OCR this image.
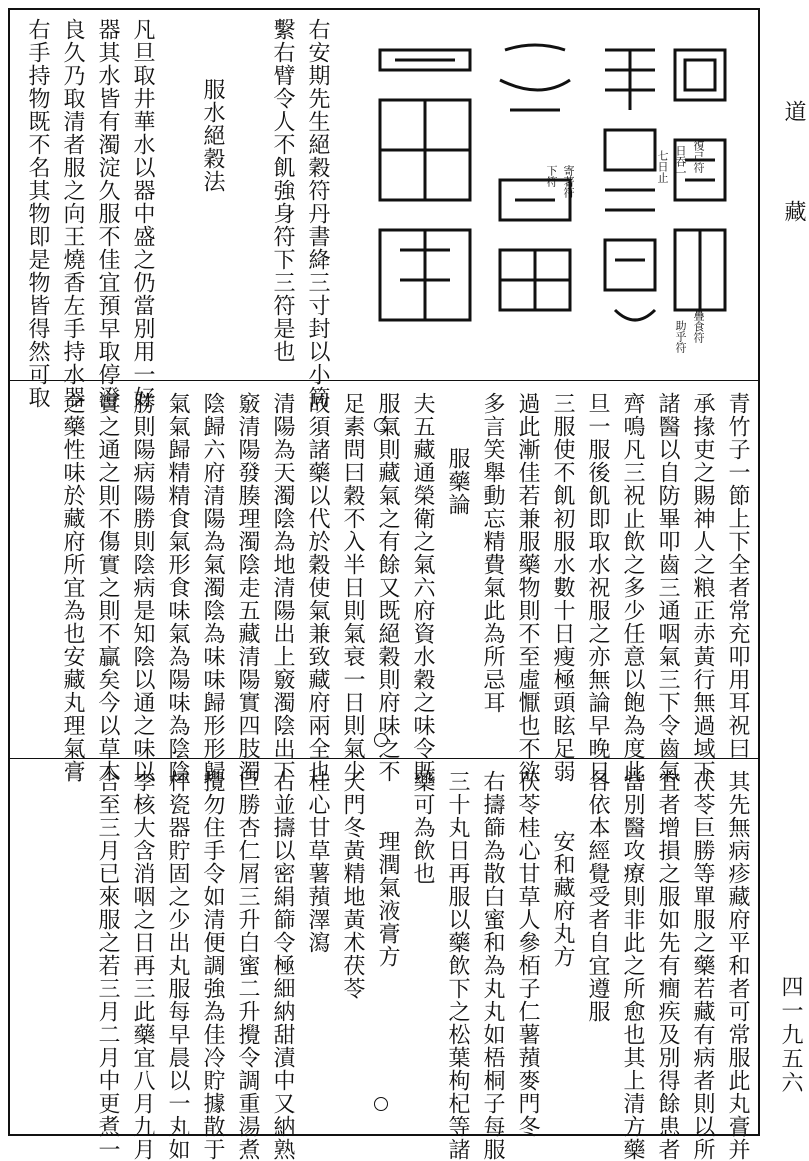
道
藏
四一九五六
復己符
日吞一
七日止
疊食符
助乎符
寄著符
下符
右安期先生絕穀符丹書絳三寸封以小筒
繫右臂令人不飢強身符下三符是也

服水絕穀法

凡旦取井華水以器中盛之仍當別用一好
器其水皆有濁淀久服不佳宜預早取停澄
良久乃取清者服之向王燒香左手持水器
右手持物既不名其物即是物皆得然可取
青竹子一節上下全者常充叩用耳祝曰
承掾吏之賜神人之粮正赤黃行無過域下
諸醫以自防畢叩齒三通咽氣三下令齒氣
齊鳴凡三祝止飲之多少任意以飽為度此
旦一服後飢即取水祝服之亦無論早晚日
三服使不飢初服水數十日瘦極頭眩足弱
過此漸佳若兼服藥物則不至虛懨也不欲
多言笑舉動忘精費氣此為所忌耳
服藥論
夫五藏通榮衛之氣六府資水穀之味令既
服氣則藏氣之有餘又既絕穀則府味之不
足素問曰穀不入半日則氣衰一日則氣少
故須諸藥以代於穀使氣兼致藏府兩全也
清陽為天濁陰為地清陽出上竅濁陰出下
竅清陽發腠理濁陰走五藏清陽實四肢濁
陰歸六府清陽為氣濁陰為味味歸形形歸
氣氣歸精精食氣形食味氣為陽味為陰陰
勝則陽病陽勝則陰病是知陰以通之味以
實之通之則不傷實之則不贏矣今以草木
之藥性味於藏府所宜為也安藏丸理氣膏
其先無病疹藏府平和者可常服此丸膏并
茯苓巨勝等單服之藥若藏有病者則以所
宜者增損之服如先有癎疾及別得餘患者
當別醫攻療則非此之所愈也其上清方藥
各依本經覺受者自宜遵服
安和藏府丸方
茯苓桂心甘草人參栢子仁薯蕷麥門冬
右擣篩為散白蜜和為丸丸如梧桐子每服
三十丸日再服以藥飲下之松葉枸杞等諸
藥可為飲也
理潤氣液膏方
天門冬黃精地黃术茯苓
桂心甘草薯蕷澤瀉
右並擣以密絹篩令極細納甜漬中又納熟
巨勝杏仁屑三升白蜜二升攪令調重湯煮
攪勿住手令如清便調強為佳冷貯據散于
枰瓷器貯固之少出丸服每早晨以一丸如
李核大含消咽之日再三此藥宜八月九月
合至三月已來服之若三月二月中更煮一
